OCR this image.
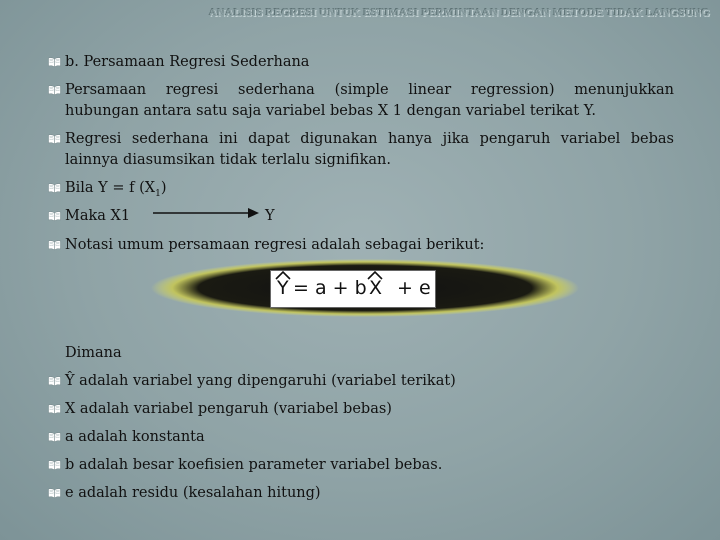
ANALISIS REGRESI UNTUK ESTIMASI PERMINTAAN DENGAN METODE TIDAK LANGSUNG
b. Persamaan Regresi Sederhana
Persamaan regresi sederhana (simple linear regression) menunjukkan
hubungan antara satu saja variabel bebas X 1 dengan variabel terikat Y.
Regresi sederhana ini dapat digunakan hanya jika pengaruh variabel bebas
lainnya diasumsikan tidak terlalu signifikan.
Bila Y = f $(X_1)$
Maka X1	Y
Notasi umum persamaan regresi adalah sebagai berikut:
Y = a + b X + e
Dimana
Ŷ adalah variabel yang dipengaruhi (variabel terikat)
X adalah variabel pengaruh (variabel bebas)
a adalah konstanta
b adalah besar koefisien parameter variabel bebas.
e adalah residu (kesalahan hitung)
